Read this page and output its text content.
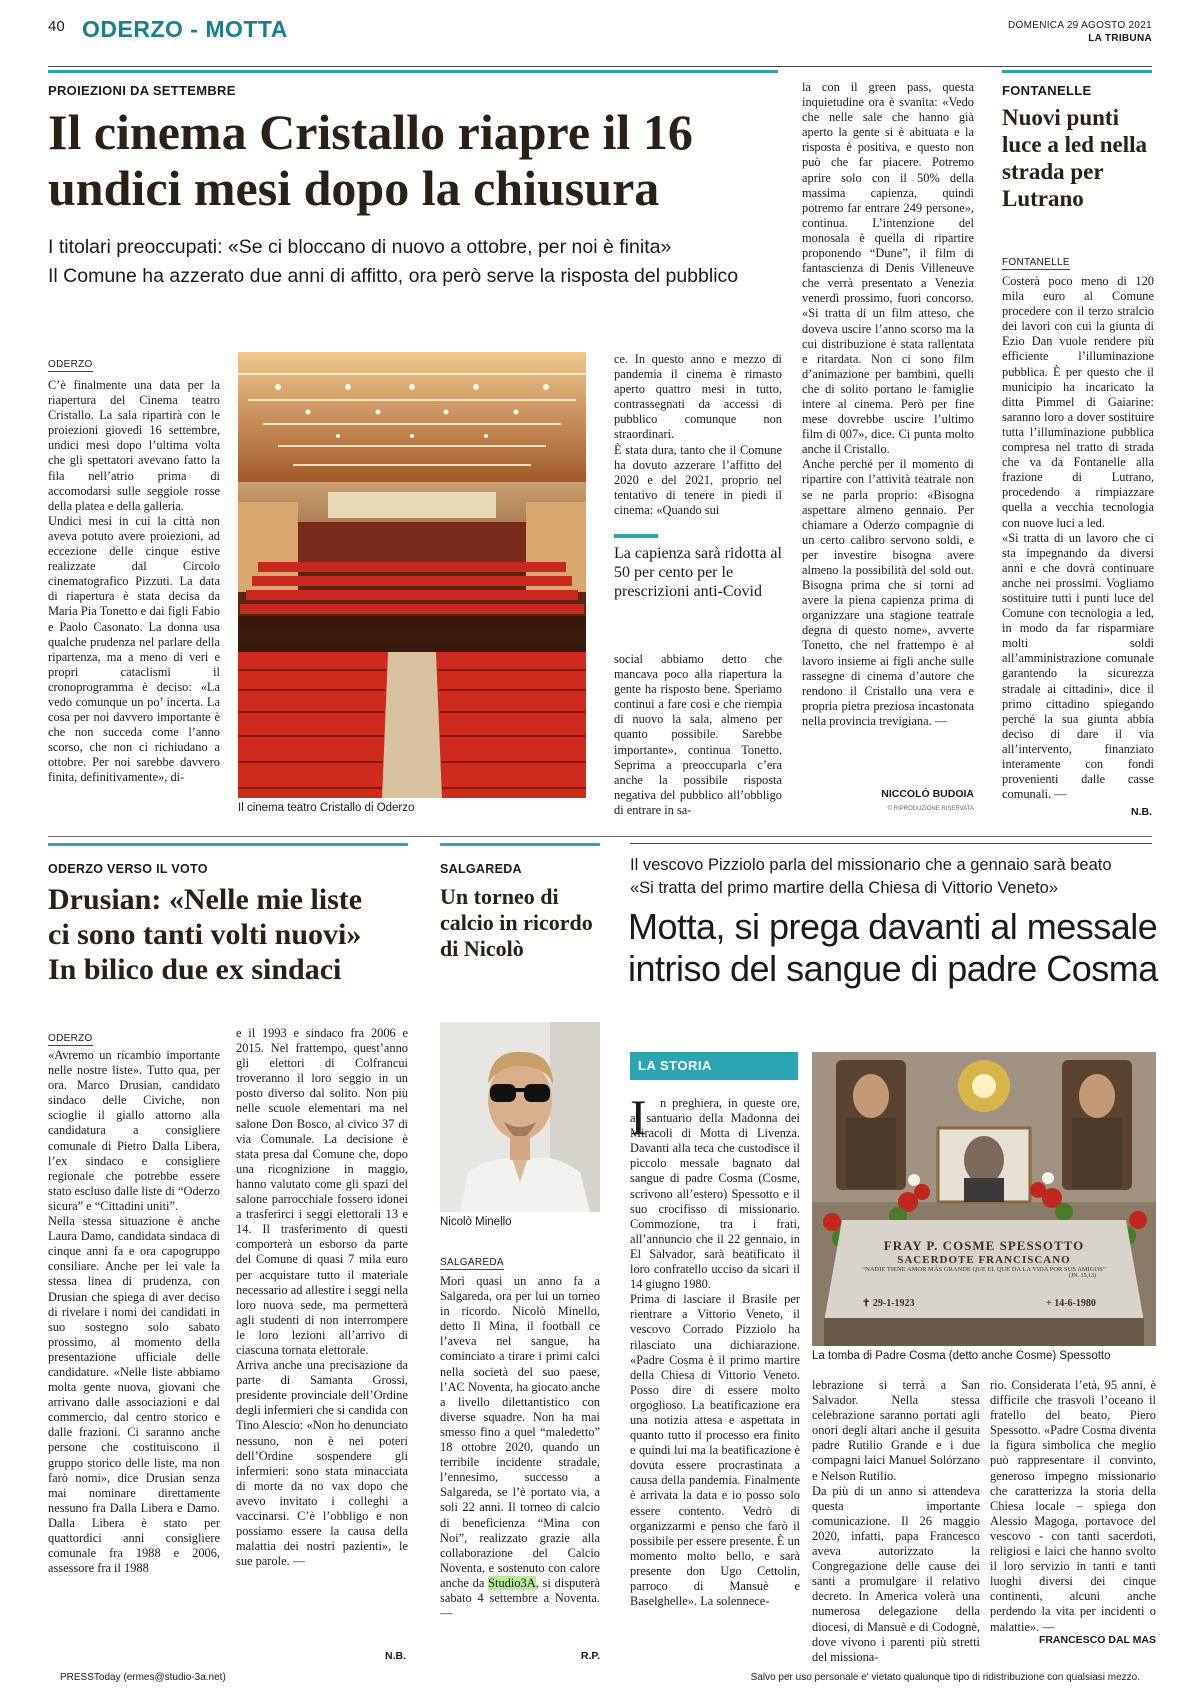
40 ODERZO - MOTTA	DOMENICA 29 AGOSTO 2021
LA TRIBUNA
PROIEZIONI DA SETTEMBRE
Il cinema Cristallo riapre il 16
undici mesi dopo la chiusura
I titolari preoccupati: «Se ci bloccano di nuovo a ottobre, per noi è finita»
Il Comune ha azzerato due anni di affitto, ora però serve la risposta del pubblico
ODERZO
C’è finalmente una data per la riapertura del Cinema teatro Cristallo. La sala ripartirà con le proiezioni giovedì 16 settembre, undici mesi dopo l’ultima volta che gli spettatori avevano fatto la fila nell’atrio prima di accomodarsi sulle seggiole rosse della platea e della galleria.
Undici mesi in cui la città non aveva potuto avere proiezioni, ad eccezione delle cinque estive realizzate dal Circolo cinematografico Pizzuti. La data di riapertura è stata decisa da Maria Pia Tonetto e dai figli Fabio e Paolo Casonato. La donna usa qualche prudenza nel parlare della ripartenza, ma a meno di veri e propri cataclismi il cronoprogramma è deciso: «La vedo comunque un po’ incerta. La cosa per noi davvero importante è che non succeda come l’anno scorso, che non ci richiudano a ottobre. Per noi sarebbe davvero finita, definitivamente», di-
Il cinema teatro Cristallo di Oderzo
ce. In questo anno e mezzo di pandemia il cinema è rimasto aperto quattro mesi in tutto, contrassegnati da accessi di pubblico comunque non straordinari.
È stata dura, tanto che il Comune ha dovuto azzerare l’affitto del 2020 e del 2021, proprio nel tentativo di tenere in piedi il cinema: «Quando sui
La capienza sarà ridotta al 50 per cento per le prescrizioni anti-Covid
social abbiamo detto che mancava poco alla riapertura la gente ha risposto bene. Speriamo continui a fare così e che riempia di nuovo la sala, almeno per quanto possibile. Sarebbe importante», continua Tonetto. Seprima a preoccuparla c’era anche la possibile risposta negativa del pubblico all’obbligo di entrare in sa-
la con il green pass, questa inquietudine ora è svanita: «Vedo che nelle sale che hanno già aperto la gente si è abituata e la risposta è positiva, e questo non può che far piacere. Potremo aprire solo con il 50% della massima capienza, quindi potremo far entrare 249 persone», continua. L’intenzione del monosala è quella di ripartire proponendo “Dune”, il film di fantascienza di Denis Villeneuve che verrà presentato a Venezia venerdì prossimo, fuori concorso. «Si tratta di un film atteso, che doveva uscire l’anno scorso ma la cui distribuzione è stata rallentata e ritardata. Non ci sono film d’animazione per bambini, quelli che di solito portano le famiglie intere al cinema. Però per fine mese dovrebbe uscire l’ultimo film di 007», dice. Ci punta molto anche il Cristallo.
Anche perché per il momento di ripartire con l’attività teatrale non se ne parla proprio: «Bisogna aspettare almeno gennaio. Per chiamare a Oderzo compagnie di un certo calibro servono soldi, e per investire bisogna avere almeno la possibilità del sold out. Bisogna prima che si torni ad avere la piena capienza prima di organizzare una stagione teatrale degna di questo nome», avverte Tonetto, che nel frattempo è al lavoro insieme ai figli anche sulle rassegne di cinema d’autore che rendono il Cristallo una vera e propria pietra preziosa incastonata nella provincia trevigiana. —
NICCOLÒ BUDOIA
© RIPRODUZIONE RISERVATA
FONTANELLE
Nuovi punti luce a led nella strada per Lutrano
FONTANELLE
Costerà poco meno di 120 mila euro al Comune procedere con il terzo stralcio dei lavori con cui la giunta di Ezio Dan vuole rendere più efficiente l’illuminazione pubblica. È per questo che il municipio ha incaricato la ditta Pimmel di Gaiarine: saranno loro a dover sostituire tutta l’illuminazione pubblica compresa nel tratto di strada che va da Fontanelle alla frazione di Lutrano, procedendo a rimpiazzare quella a vecchia tecnologia con nuove luci a led.
«Si tratta di un lavoro che ci sta impegnando da diversi anni e che dovrà continuare anche nei prossimi. Vogliamo sostituire tutti i punti luce del Comune con tecnologia a led, in modo da far risparmiare molti soldi all’amministrazione comunale garantendo la sicurezza stradale ai cittadini», dice il primo cittadino spiegando perché la sua giunta abbia deciso di dare il via all’intervento, finanziato interamente con fondi provenienti dalle casse comunali. —
N.B.
ODERZO VERSO IL VOTO
Drusian: «Nelle mie liste
ci sono tanti volti nuovi»
In bilico due ex sindaci
ODERZO
«Avremo un ricambio importante nelle nostre liste». Tutto qua, per ora. Marco Drusian, candidato sindaco delle Civiche, non scioglie il giallo attorno alla candidatura a consigliere comunale di Pietro Dalla Libera, l’ex sindaco e consigliere regionale che potrebbe essere stato escluso dalle liste di “Oderzo sicura” e “Cittadini uniti”.
Nella stessa situazione è anche Laura Damo, candidata sindaca di cinque anni fa e ora capogruppo consiliare. Anche per lei vale la stessa linea di prudenza, con Drusian che spiega di aver deciso di rivelare i nomi dei candidati in suo sostegno solo sabato prossimo, al momento della presentazione ufficiale delle candidature. «Nelle liste abbiamo molta gente nuova, giovani che arrivano dalle associazioni e dal commercio, dal centro storico e dalle frazioni. Ci saranno anche persone che costituiscono il gruppo storico delle liste, ma non farò nomi», dice Drusian senza mai nominare direttamente nessuno fra Dalla Libera e Damo. Dalla Libera è stato per quattordici anni consigliere comunale fra 1988 e 2006, assessore fra il 1988
e il 1993 e sindaco fra 2006 e 2015. Nel frattempo, quest’anno gli elettori di Colfrancui troveranno il loro seggio in un posto diverso dal solito. Non più nelle scuole elementari ma nel salone Don Bosco, al civico 37 di via Comunale. La decisione è stata presa dal Comune che, dopo una ricognizione in maggio, hanno valutato come gli spazi del salone parrocchiale fossero idonei a trasferirci i seggi elettorali 13 e 14. Il trasferimento di questi comporterà un esborso da parte del Comune di quasi 7 mila euro per acquistare tutto il materiale necessario ad allestire i seggi nella loro nuova sede, ma permetterà agli studenti di non interrompere le loro lezioni all’arrivo di ciascuna tornata elettorale.
Arriva anche una precisazione da parte di Samanta Grossi, presidente provinciale dell’Ordine degli infermieri che si candida con Tino Alescio: «Non ho denunciato nessuno, non è nei poteri dell’Ordine sospendere gli infermieri: sono stata minacciata di morte da no vax dopo che avevo invitato i colleghi a vaccinarsi. C’è l’obbligo e non possiamo essere la causa della malattia dei nostri pazienti», le sue parole. —
N.B.
SALGAREDA
Un torneo di calcio in ricordo di Nicolò
Nicolò Minello
SALGAREDA
Morì quasi un anno fa a Salgareda, ora per lui un torneo in ricordo. Nicolò Minello, detto Il Mina, il football ce l’aveva nel sangue, ha cominciato a tirare i primi calci nella società del suo paese, l’AC Noventa, ha giocato anche a livello dilettantistico con diverse squadre. Non ha mai smesso fino a quel “maledetto” 18 ottobre 2020, quando un terribile incidente stradale, l’ennesimo, successo a Salgareda, se l’è portato via, a soli 22 anni. Il torneo di calcio di beneficienza “Mina con Noi”, realizzato grazie alla collaborazione del Calcio Noventa, e sostenuto con calore anche da Studio3A, si disputerà sabato 4 settembre a Noventa. —
R.P.
Il vescovo Pizziolo parla del missionario che a gennaio sarà beato
«Si tratta del primo martire della Chiesa di Vittorio Veneto»
Motta, si prega davanti al messale
intriso del sangue di padre Cosma
LA STORIA
I	n preghiera, in queste ore, al santuario della Madonna dei Miracoli di Motta di Livenza. Davanti alla teca che custodisce il piccolo messale bagnato dal sangue di padre Cosma (Cosme, scrivono all’estero) Spessotto e il suo crocifisso di missionario. Commozione, tra i frati, all’annuncio che il 22 gennaio, in El Salvador, sarà beatificato il loro confratello ucciso da sicari il 14 giugno 1980.
Prima di lasciare il Brasile per rientrare a Vittorio Veneto, il vescovo Corrado Pizziolo ha rilasciato una dichiarazione. «Padre Cosma è il primo martire della Chiesa di Vittorio Veneto. Posso dire di essere molto orgoglioso. La beatificazione era una notizia attesa e aspettata in quanto tutto il processo era finito e quindi lui ma la beatificazione è dovuta essere procrastinata a causa della pandemia. Finalmente è arrivata la data e io posso solo essere contento. Vedrò di organizzarmi e penso che farò il possibile per essere presente. È un momento molto bello, e sarà presente don Ugo Cettolin, parroco di Mansuè e Baselghelle». La solennece-
FRAY P. COSME SPESSOTTO
SACERDOTE FRANCISCANO
“NADIE TIENE AMOR MÁS GRANDE QUE EL QUE DA LA VIDA POR SUS AMIGOS”
(JN. 15,13)
✝ 29-1-1923	+ 14-6-1980
La tomba di Padre Cosma (detto anche Cosme) Spessotto
lebrazione si terrà a San Salvador. Nella stessa celebrazione saranno portati agli onori degli altari anche il gesuita padre Rutilio Grande e i due compagni laici Manuel Solórzano e Nelson Rutilio.
Da più di un anno si attendeva questa importante comunicazione. Il 26 maggio 2020, infatti, papa Francesco aveva autorizzato la Congregazione delle cause dei santi a promulgare il relativo decreto. In America volerà una numerosa delegazione della diocesi, di Mansuè e di Codognè, dove vivono i parenti più stretti del missiona-
rio. Considerata l’età, 95 anni, è difficile che trasvoli l’oceano il fratello del beato, Piero Spessotto. «Padre Cosma diventa la figura simbolica che meglio può rappresentare il convinto, generoso impegno missionario che caratterizza la storia della Chiesa locale – spiega don Alessio Magoga, portavoce del vescovo - con tanti sacerdoti, religiosi e laici che hanno svolto il loro servizio in tanti e tanti luoghi diversi dei cinque continenti, alcuni anche perdendo la vita per incidenti o malattie». —
FRANCESCO DAL MAS
PRESSToday (ermes@studio-3a.net)	Salvo per uso personale e' vietato qualunque tipo di ridistribuzione con qualsiasi mezzo.
